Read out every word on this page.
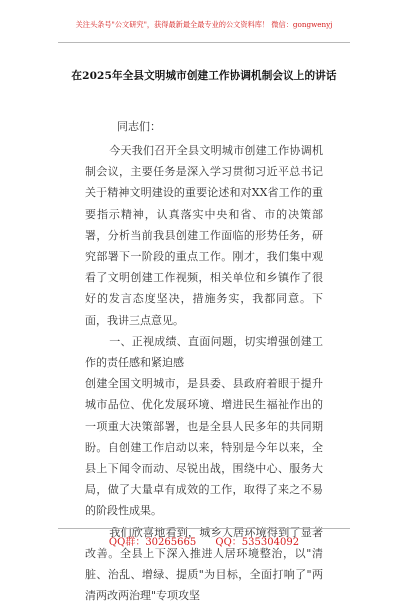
关注头条号"公文研究"，获得最新最全最专业的公文资料库！ 微信：gongwenyj
在2025年全县文明城市创建工作协调机制会议上的讲话
同志们：

今天我们召开全县文明城市创建工作协调机制会议，主要任务是深入学习贯彻习近平总书记关于精神文明建设的重要论述和对XX省工作的重要指示精神，认真落实中央和省、市的决策部署，分析当前我县创建工作面临的形势任务，研究部署下一阶段的重点工作。刚才，我们集中观看了文明创建工作视频，相关单位和乡镇作了很好的发言态度坚决，措施务实，我都同意。下面，我讲三点意见。

一、正视成绩、直面问题，切实增强创建工作的责任感和紧迫感

创建全国文明城市，是县委、县政府着眼于提升城市品位、优化发展环境、增进民生福祉作出的一项重大决策部署，也是全县人民多年的共同期盼。自创建工作启动以来，特别是今年以来，全县上下闻令而动、尽锐出战，围绕中心、服务大局，做了大量卓有成效的工作，取得了来之不易的阶段性成果。

我们欣喜地看到，城乡人居环境得到了显著改善。全县上下深入推进人居环境整治，以"清脏、治乱、增绿、提质"为目标，全面打响了"两清两改两治理"专项攻坚

QQ群：30265665 QQ：535304092
